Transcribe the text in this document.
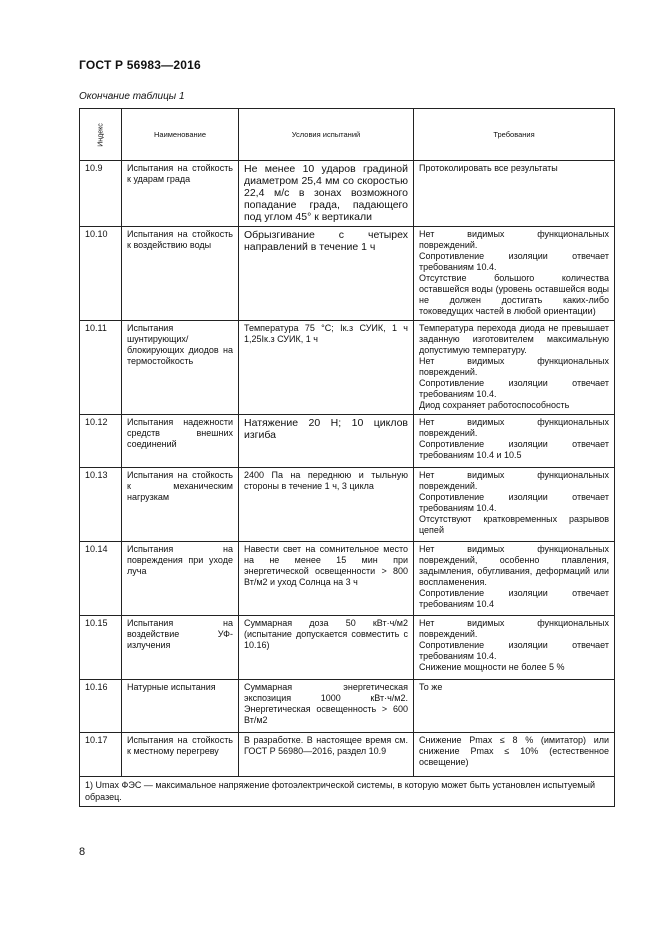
ГОСТ Р 56983—2016
Окончание таблицы 1
Индекс	Наименование	Условия испытаний	Требования
10.9	Испытания на стойкость к ударам града	Не менее 10 ударов градиной диаметром 25,4 мм со скоростью 22,4 м/с в зонах возможного попадание града, падающего под углом 45° к вертикали	Протоколировать все результаты

10.10	Испытания на стойкость к воздействию воды	Обрызгивание с четырех направлений в течение 1 ч	Нет видимых функциональных повреждений.
Сопротивление изоляции отвечает требованиям 10.4.
Отсутствие большого количества оставшейся воды (уровень оставшейся воды не должен достигать каких-либо токоведущих частей в любой ориентации)

10.11	Испытания шунтирующих/блокирующих диодов на термостойкость	Температура 75 °C; Iк.з СУИК, 1 ч 1,25Iк.з СУИК, 1 ч	Температура перехода диода не превышает заданную изготовителем максимальную допустимую температуру.
Нет видимых функциональных повреждений.
Сопротивление изоляции отвечает требованиям 10.4.
Диод сохраняет работоспособность

10.12	Испытания надежности средств внешних соединений	Натяжение 20 Н; 10 циклов изгиба	Нет видимых функциональных повреждений.
Сопротивление изоляции отвечает требованиям 10.4 и 10.5

10.13	Испытания на стойкость к механическим нагрузкам	2400 Па на переднюю и тыльную стороны в течение 1 ч, 3 цикла	Нет видимых функциональных повреждений.
Сопротивление изоляции отвечает требованиям 10.4.
Отсутствуют кратковременных разрывов цепей

10.14	Испытания на повреждения при уходе луча	Навести свет на сомнительное место на не менее 15 мин при энергетической освещенности > 800 Вт/м2 и уход Солнца на 3 ч	Нет видимых функциональных повреждений, особенно плавления, задымления, обугливания, деформаций или воспламенения.
Сопротивление изоляции отвечает требованиям 10.4

10.15	Испытания на воздействие УФ-излучения	Суммарная доза 50 кВт·ч/м2 (испытание допускается совместить с 10.16)	Нет видимых функциональных повреждений.
Сопротивление изоляции отвечает требованиям 10.4.
Снижение мощности не более 5 %

10.16	Натурные испытания	Суммарная энергетическая экспозиция 1000 кВт·ч/м2. Энергетическая освещенность > 600 Вт/м2	То же

10.17	Испытания на стойкость к местному перегреву	В разработке. В настоящее время см. ГОСТ Р 56980—2016, раздел 10.9	Снижение Pmax ≤ 8 % (имитатор) или снижение Pmax ≤ 10% (естественное освещение)

1) Umax ФЭС — максимальное напряжение фотоэлектрической системы, в которую может быть установлен испытуемый образец.			
8
